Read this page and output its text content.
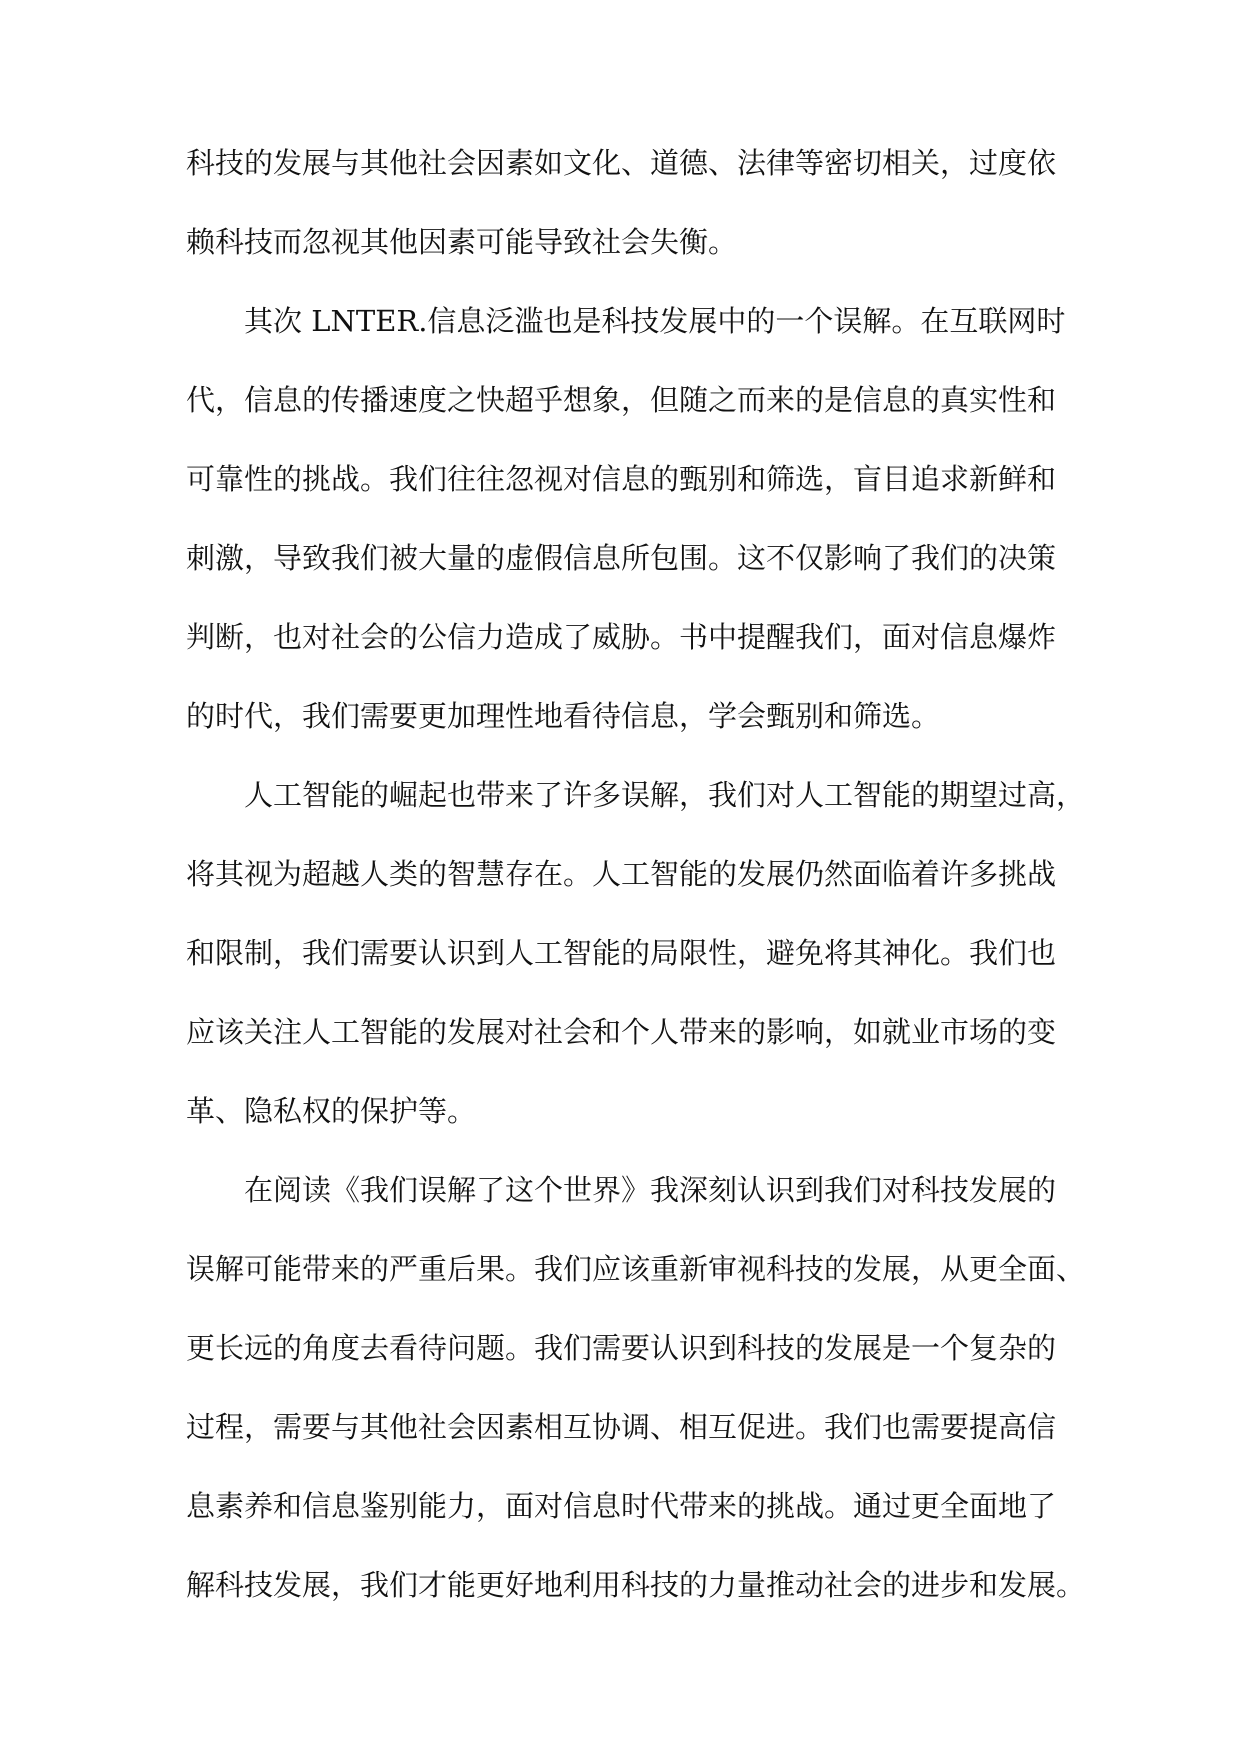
科技的发展与其他社会因素如文化、道德、法律等密切相关，过度依
赖科技而忽视其他因素可能导致社会失衡。
其次 LNTER.信息泛滥也是科技发展中的一个误解。在互联网时
代，信息的传播速度之快超乎想象，但随之而来的是信息的真实性和
可靠性的挑战。我们往往忽视对信息的甄别和筛选，盲目追求新鲜和
刺激，导致我们被大量的虚假信息所包围。这不仅影响了我们的决策
判断，也对社会的公信力造成了威胁。书中提醒我们，面对信息爆炸
的时代，我们需要更加理性地看待信息，学会甄别和筛选。
人工智能的崛起也带来了许多误解，我们对人工智能的期望过高，
将其视为超越人类的智慧存在。人工智能的发展仍然面临着许多挑战
和限制，我们需要认识到人工智能的局限性，避免将其神化。我们也
应该关注人工智能的发展对社会和个人带来的影响，如就业市场的变
革、隐私权的保护等。
在阅读《我们误解了这个世界》我深刻认识到我们对科技发展的
误解可能带来的严重后果。我们应该重新审视科技的发展，从更全面、
更长远的角度去看待问题。我们需要认识到科技的发展是一个复杂的
过程，需要与其他社会因素相互协调、相互促进。我们也需要提高信
息素养和信息鉴别能力，面对信息时代带来的挑战。通过更全面地了
解科技发展，我们才能更好地利用科技的力量推动社会的进步和发展。
